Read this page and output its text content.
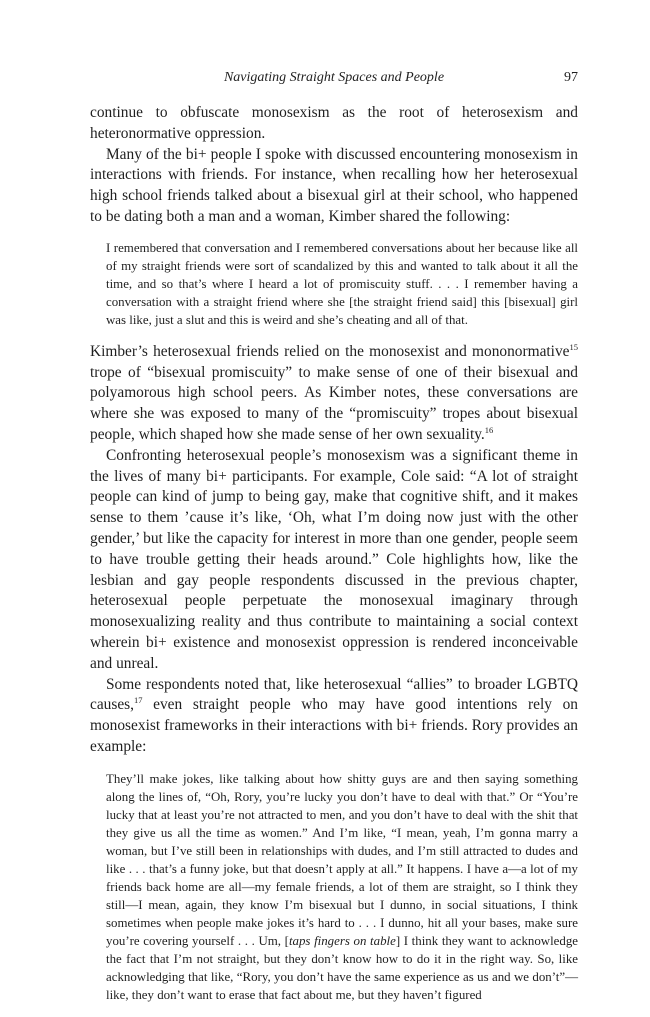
Navigating Straight Spaces and People	97

continue to obfuscate monosexism as the root of heterosexism and heteronormative oppression.

Many of the bi+ people I spoke with discussed encountering monosexism in interactions with friends. For instance, when recalling how her heterosexual high school friends talked about a bisexual girl at their school, who happened to be dating both a man and a woman, Kimber shared the following:

I remembered that conversation and I remembered conversations about her because like all of my straight friends were sort of scandalized by this and wanted to talk about it all the time, and so that’s where I heard a lot of promiscuity stuff. . . . I remember having a conversation with a straight friend where she [the straight friend said] this [bisexual] girl was like, just a slut and this is weird and she’s cheating and all of that.

Kimber’s heterosexual friends relied on the monosexist and mononormative$^{15}$ trope of “bisexual promiscuity” to make sense of one of their bisexual and polyamorous high school peers. As Kimber notes, these conversations are where she was exposed to many of the “promiscuity” tropes about bisexual people, which shaped how she made sense of her own sexuality.$^{16}$

Confronting heterosexual people’s monosexism was a significant theme in the lives of many bi+ participants. For example, Cole said: “A lot of straight people can kind of jump to being gay, make that cognitive shift, and it makes sense to them ’cause it’s like, ‘Oh, what I’m doing now just with the other gender,’ but like the capacity for interest in more than one gender, people seem to have trouble getting their heads around.” Cole highlights how, like the lesbian and gay people respondents discussed in the previous chapter, heterosexual people perpetuate the monosexual imaginary through monosexualizing reality and thus contribute to maintaining a social context wherein bi+ existence and monosexist oppression is rendered inconceivable and unreal.

Some respondents noted that, like heterosexual “allies” to broader LGBTQ causes,$^{17}$ even straight people who may have good intentions rely on monosexist frameworks in their interactions with bi+ friends. Rory provides an example:

They’ll make jokes, like talking about how shitty guys are and then saying something along the lines of, “Oh, Rory, you’re lucky you don’t have to deal with that.” Or “You’re lucky that at least you’re not attracted to men, and you don’t have to deal with the shit that they give us all the time as women.” And I’m like, “I mean, yeah, I’m gonna marry a woman, but I’ve still been in relationships with dudes, and I’m still attracted to dudes and like . . . that’s a funny joke, but that doesn’t apply at all.” It happens. I have a—a lot of my friends back home are all—my female friends, a lot of them are straight, so I think they still—I mean, again, they know I’m bisexual but I dunno, in social situations, I think sometimes when people make jokes it’s hard to . . . I dunno, hit all your bases, make sure you’re covering yourself . . . Um, [taps fingers on table] I think they want to acknowledge the fact that I’m not straight, but they don’t know how to do it in the right way. So, like acknowledging that like, “Rory, you don’t have the same experience as us and we don’t”—like, they don’t want to erase that fact about me, but they haven’t figured
